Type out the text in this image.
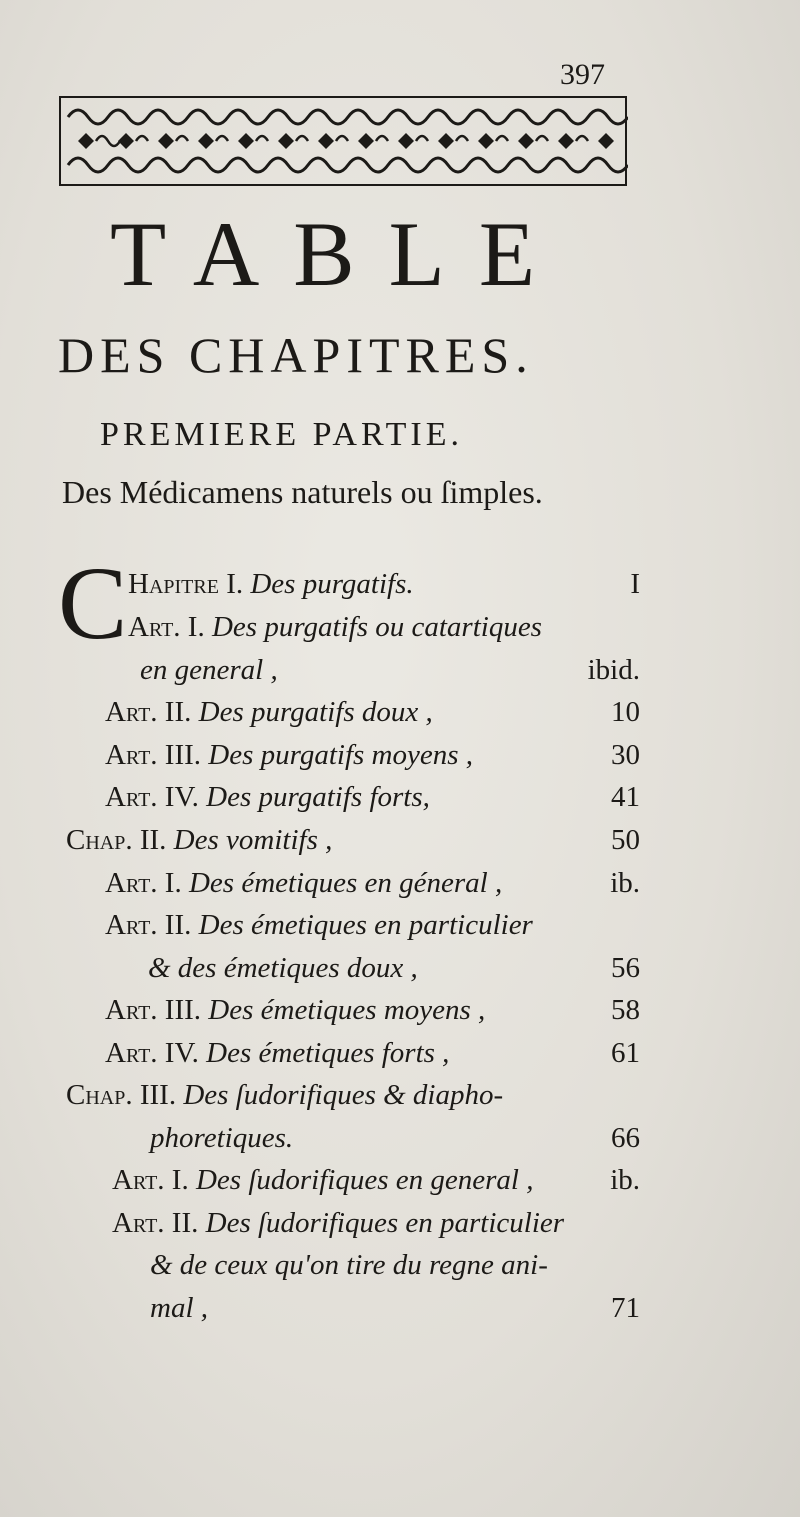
397
TABLE
DES CHAPITRES.
PREMIERE PARTIE.
Des Médicamens naturels ou ſimples.
C Hapitre I. Des purgatifs.	I
Art. I. Des purgatifs ou catartiques
en general ,	ibid.
Art. II. Des purgatifs doux ,	10
Art. III. Des purgatifs moyens ,	30
Art. IV. Des purgatifs forts,	41
Chap. II. Des vomitifs ,	50
Art. I. Des émetiques en géneral ,	ib.
Art. II. Des émetiques en particulier
& des émetiques doux ,	56
Art. III. Des émetiques moyens ,	58
Art. IV. Des émetiques forts ,	61
Chap. III. Des ſudorifiques & diapho-
phoretiques.	66
Art. I. Des ſudorifiques en general ,	ib.
Art. II. Des ſudorifiques en particulier
& de ceux qu'on tire du regne ani-
mal ,	71
